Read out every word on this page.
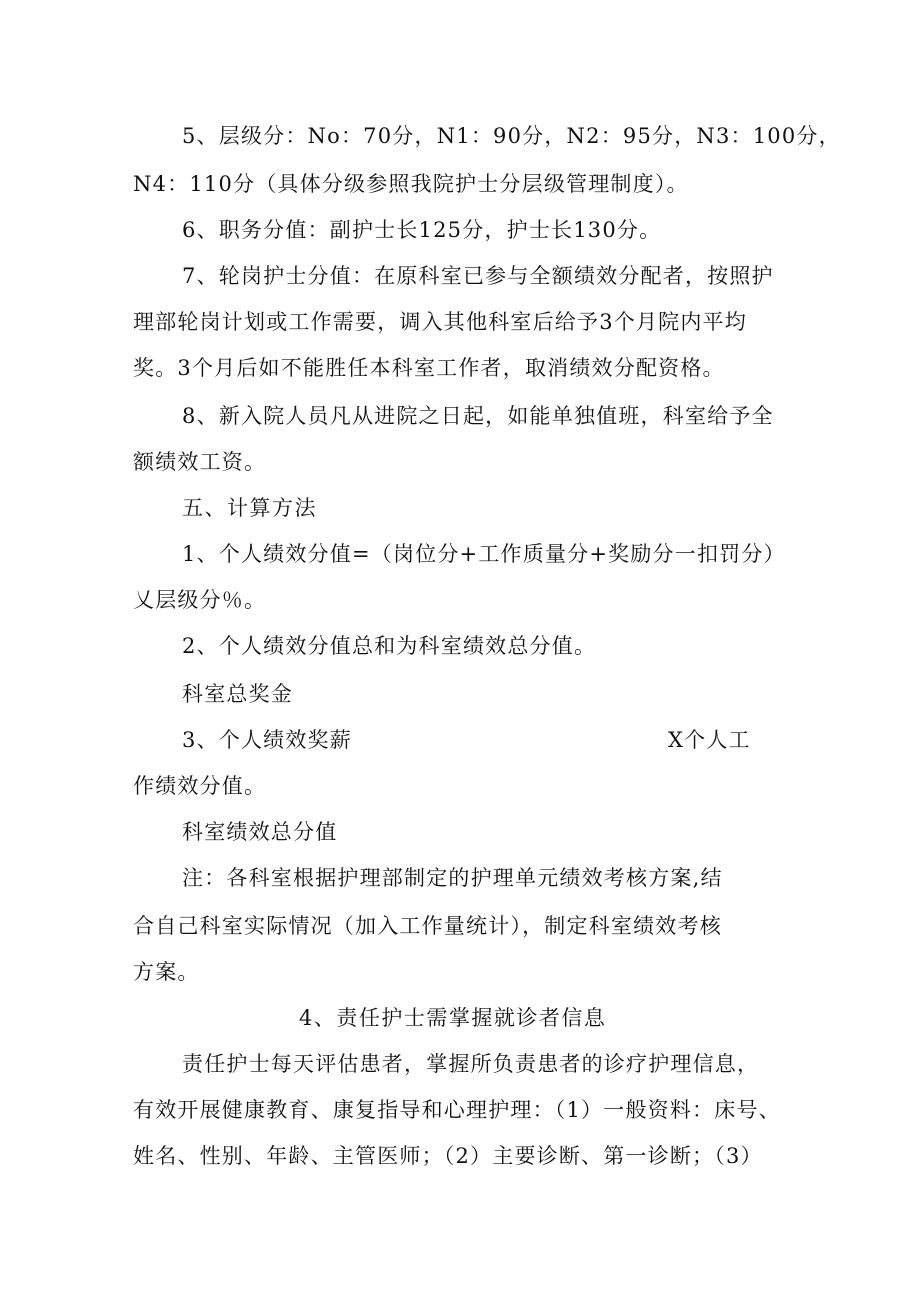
5、层级分：No：70分，N1：90分，N2：95分，N3：100分，
N4：110分（具体分级参照我院护士分层级管理制度）。
6、职务分值：副护士长125分，护士长130分。
7、轮岗护士分值：在原科室已参与全额绩效分配者，按照护
理部轮岗计划或工作需要，调入其他科室后给予3个月院内平均
奖。3个月后如不能胜任本科室工作者，取消绩效分配资格。
8、新入院人员凡从进院之日起，如能单独值班，科室给予全
额绩效工资。
五、计算方法
1、个人绩效分值=（岗位分+工作质量分+奖励分一扣罚分）
乂层级分％。
2、个人绩效分值总和为科室绩效总分值。
科室总奖金
3、个人绩效奖薪	X个人工
作绩效分值。
科室绩效总分值
注：各科室根据护理部制定的护理单元绩效考核方案,结
合自己科室实际情况（加入工作量统计），制定科室绩效考核
方案。
4、责任护士需掌握就诊者信息
责任护士每天评估患者，掌握所负责患者的诊疗护理信息，
有效开展健康教育、康复指导和心理护理：（1）一般资料：床号、
姓名、性别、年龄、主管医师；（2）主要诊断、第一诊断；（3）
